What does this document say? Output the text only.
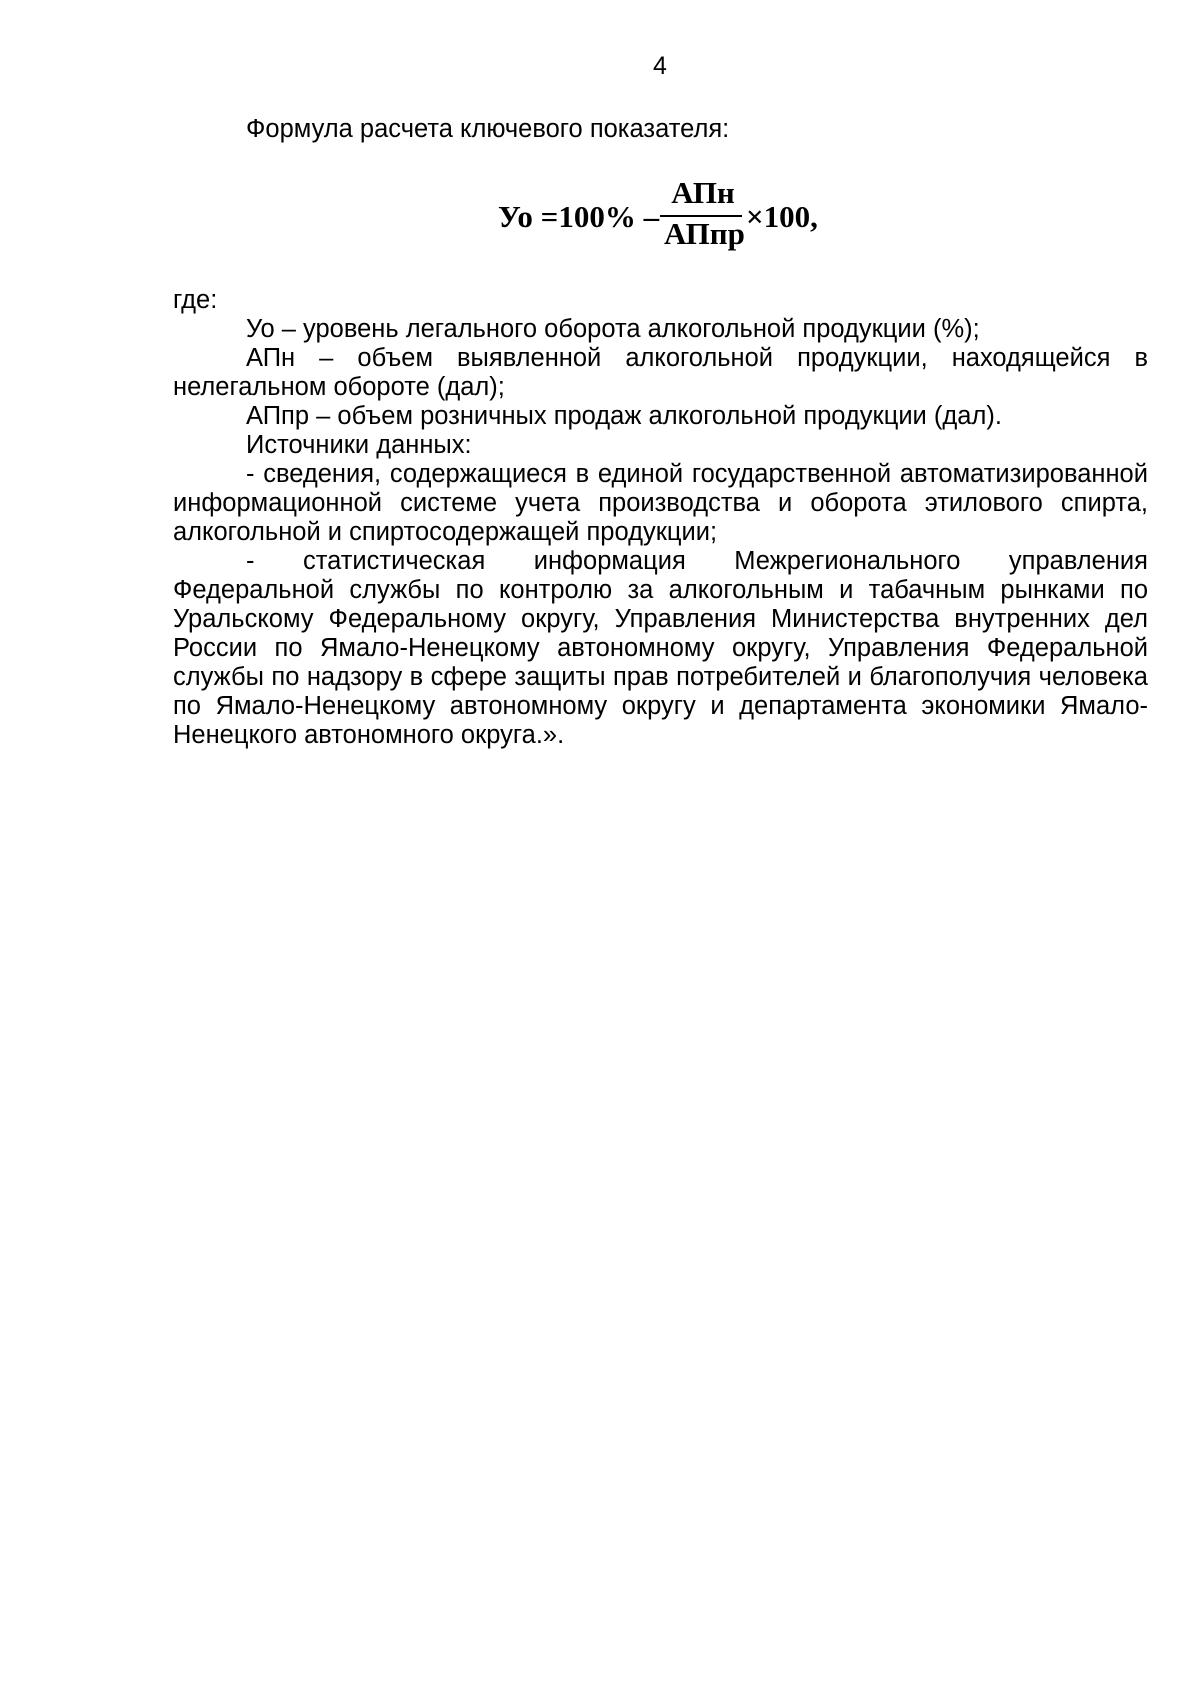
4

Формула расчета ключевого показателя:

Уо =100% –
АПн
АПпр ×100,

где:

Уо – уровень легального оборота алкогольной продукции (%);

АПн – объем выявленной алкогольной продукции, находящейся в нелегальном обороте (дал);

АПпр – объем розничных продаж алкогольной продукции (дал).

Источники данных:

- сведения, содержащиеся в единой государственной автоматизированной информационной системе учета производства и оборота этилового спирта, алкогольной и спиртосодержащей продукции;

- статистическая информация Межрегионального управления Федеральной службы по контролю за алкогольным и табачным рынками по Уральскому Федеральному округу, Управления Министерства внутренних дел России по Ямало-Ненецкому автономному округу, Управления Федеральной службы по надзору в сфере защиты прав потребителей и благополучия человека по Ямало-Ненецкому автономному округу и департамента экономики Ямало-Ненецкого автономного округа.».
